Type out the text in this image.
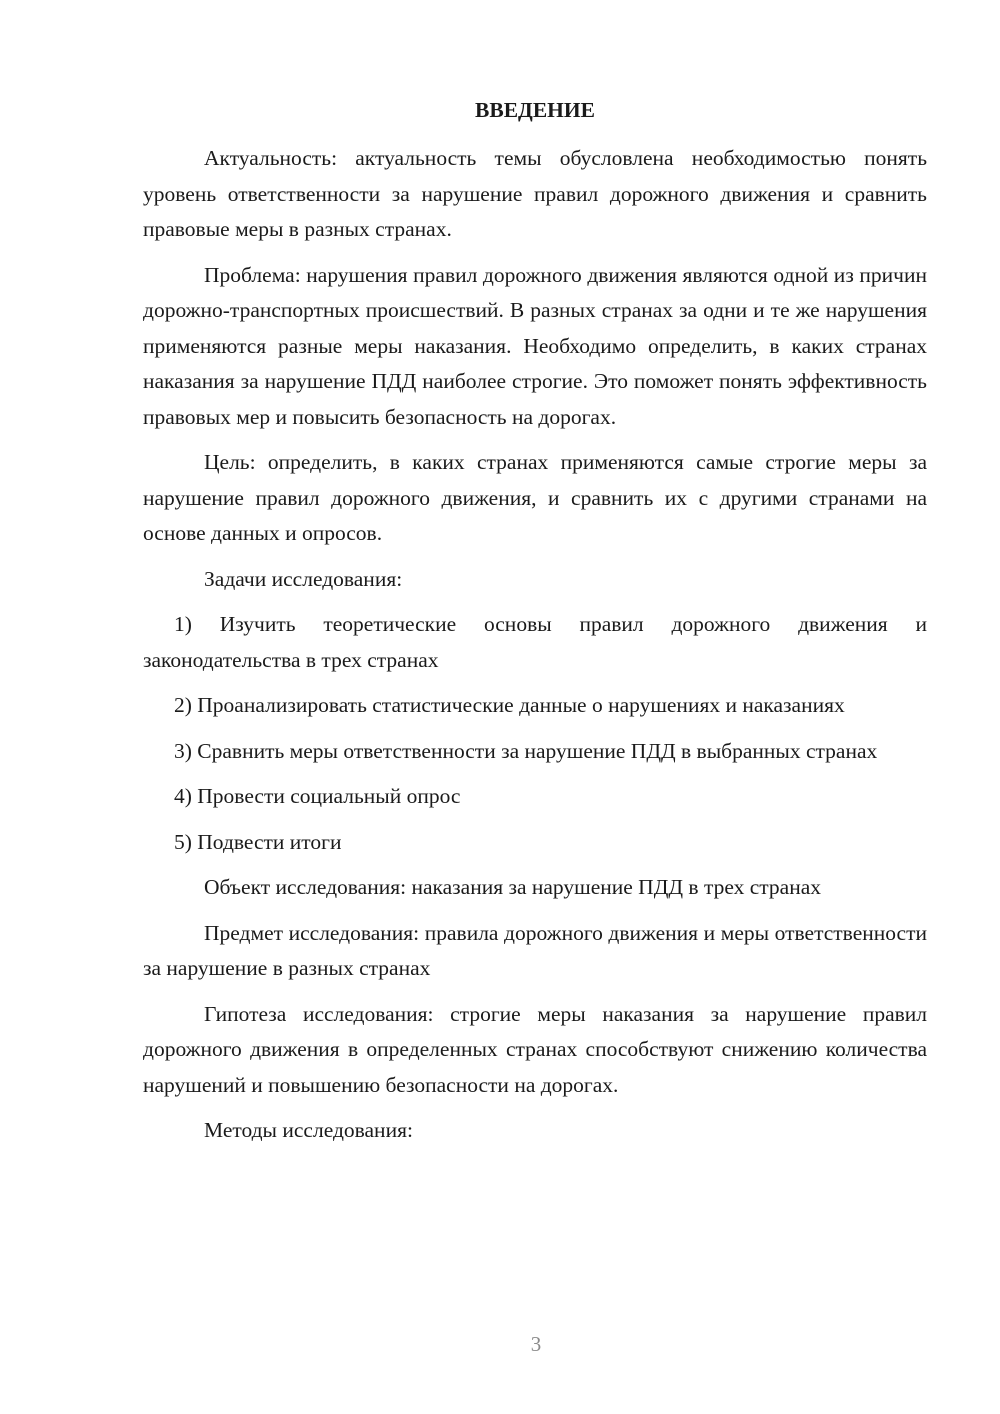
ВВЕДЕНИЕ

Актуальность: актуальность темы обусловлена необходимостью понять уровень ответственности за нарушение правил дорожного движения и сравнить правовые меры в разных странах.

Проблема: нарушения правил дорожного движения являются одной из причин дорожно-транспортных происшествий. В разных странах за одни и те же нарушения применяются разные меры наказания. Необходимо определить, в каких странах наказания за нарушение ПДД наиболее строгие. Это поможет понять эффективность правовых мер и повысить безопасность на дорогах.

Цель: определить, в каких странах применяются самые строгие меры за нарушение правил дорожного движения, и сравнить их с другими странами на основе данных и опросов.

Задачи исследования:

1) Изучить теоретические основы правил дорожного движения и законодательства в трех странах

2) Проанализировать статистические данные о нарушениях и наказаниях

3) Сравнить меры ответственности за нарушение ПДД в выбранных странах

4) Провести социальный опрос

5) Подвести итоги

Объект исследования: наказания за нарушение ПДД в трех странах

Предмет исследования: правила дорожного движения и меры ответственности за нарушение в разных странах

Гипотеза исследования: строгие меры наказания за нарушение правил дорожного движения в определенных странах способствуют снижению количества нарушений и повышению безопасности на дорогах.

Методы исследования:

3
